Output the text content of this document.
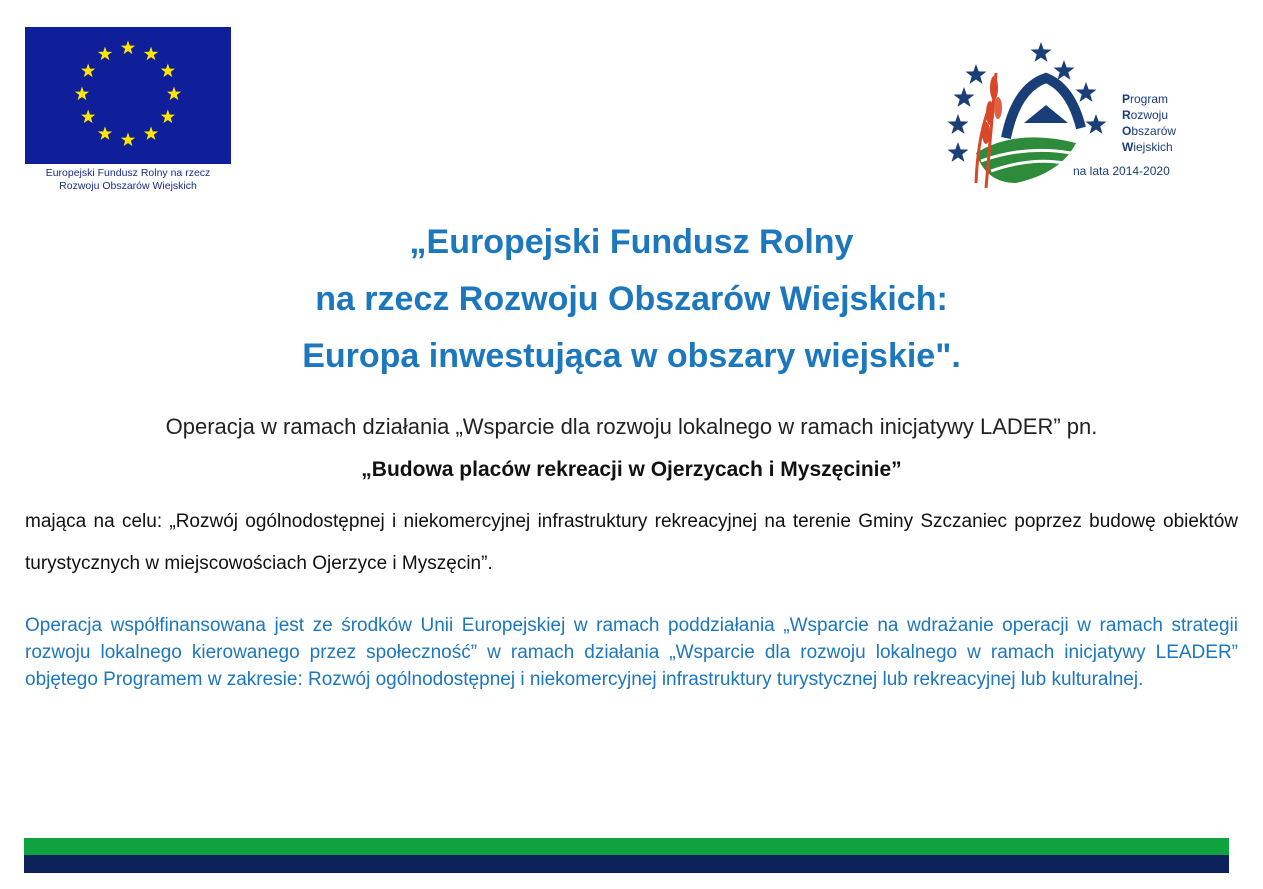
Europejski Fundusz Rolny na rzecz
Rozwoju Obszarów Wiejskich
Program
Rozwoju
Obszarów
Wiejskich
na lata 2014-2020
„Europejski Fundusz Rolny
na rzecz Rozwoju Obszarów Wiejskich:
Europa inwestująca w obszary wiejskie".
Operacja w ramach działania „Wsparcie dla rozwoju lokalnego w ramach inicjatywy LADER” pn.
„Budowa placów rekreacji w Ojerzycach i Myszęcinie”
mająca na celu: „Rozwój ogólnodostępnej i niekomercyjnej infrastruktury rekreacyjnej na terenie Gminy Szczaniec poprzez budowę obiektów turystycznych w miejscowościach Ojerzyce i Myszęcin”.
Operacja współfinansowana jest ze środków Unii Europejskiej w ramach poddziałania „Wsparcie na wdrażanie operacji w ramach strategii rozwoju lokalnego kierowanego przez społeczność” w ramach działania „Wsparcie dla rozwoju lokalnego w ramach inicjatywy LEADER” objętego Programem w zakresie: Rozwój ogólnodostępnej i niekomercyjnej infrastruktury turystycznej lub rekreacyjnej lub kulturalnej.
